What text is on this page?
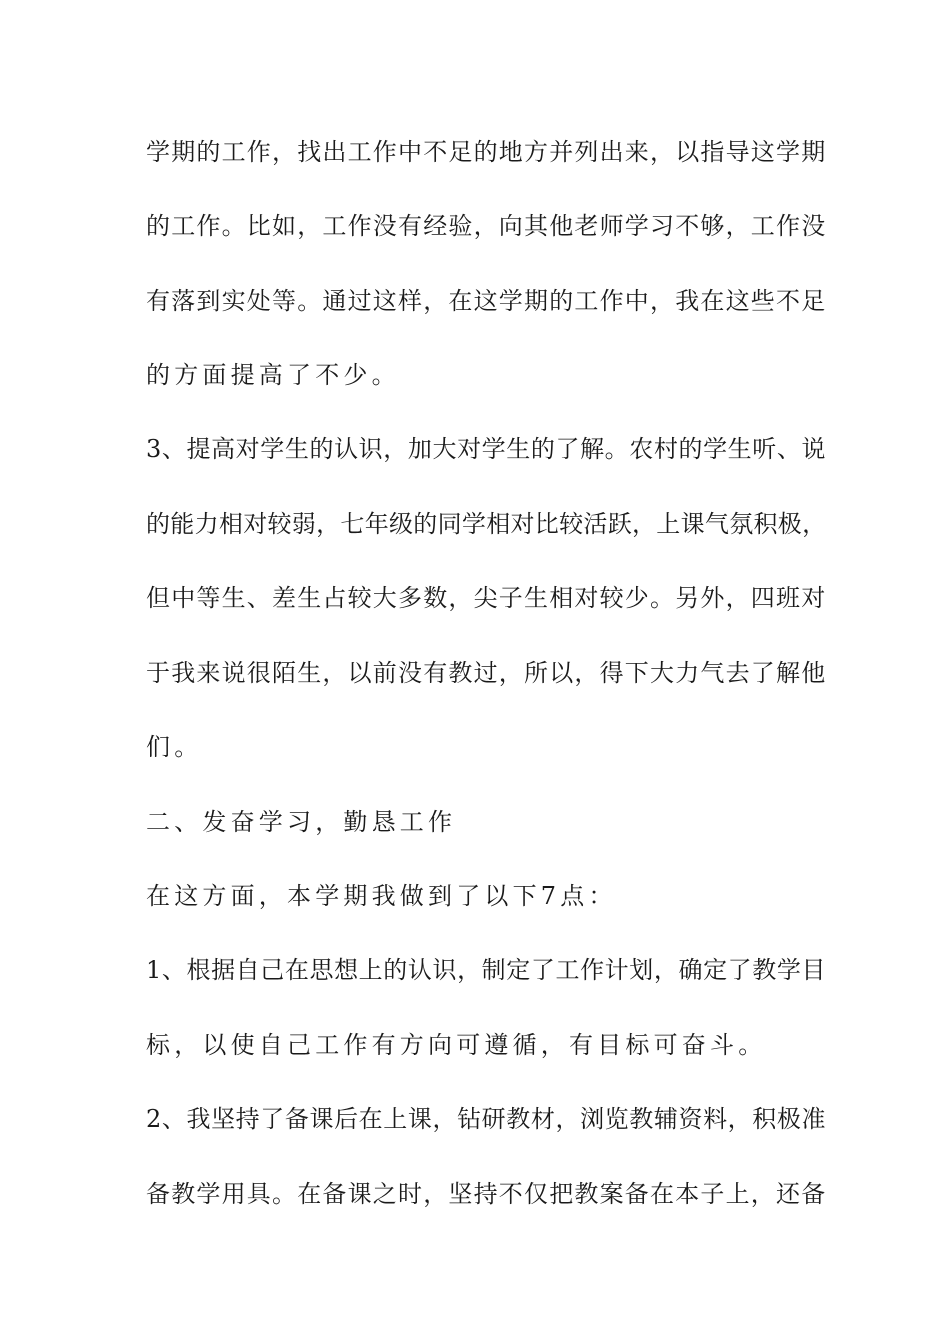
学期的工作，找出工作中不足的地方并列出来，以指导这学期
的工作。比如，工作没有经验，向其他老师学习不够，工作没
有落到实处等。通过这样，在这学期的工作中，我在这些不足
的方面提高了不少。
3、提高对学生的认识，加大对学生的了解。农村的学生听、说
的能力相对较弱，七年级的同学相对比较活跃，上课气氛积极，
但中等生、差生占较大多数，尖子生相对较少。另外，四班对
于我来说很陌生，以前没有教过，所以，得下大力气去了解他
们。
二、发奋学习，勤恳工作
在这方面，本学期我做到了以下7点：
1、根据自己在思想上的认识，制定了工作计划，确定了教学目
标，以使自己工作有方向可遵循，有目标可奋斗。
2、我坚持了备课后在上课，钻研教材，浏览教辅资料，积极准
备教学用具。在备课之时，坚持不仅把教案备在本子上，还备
